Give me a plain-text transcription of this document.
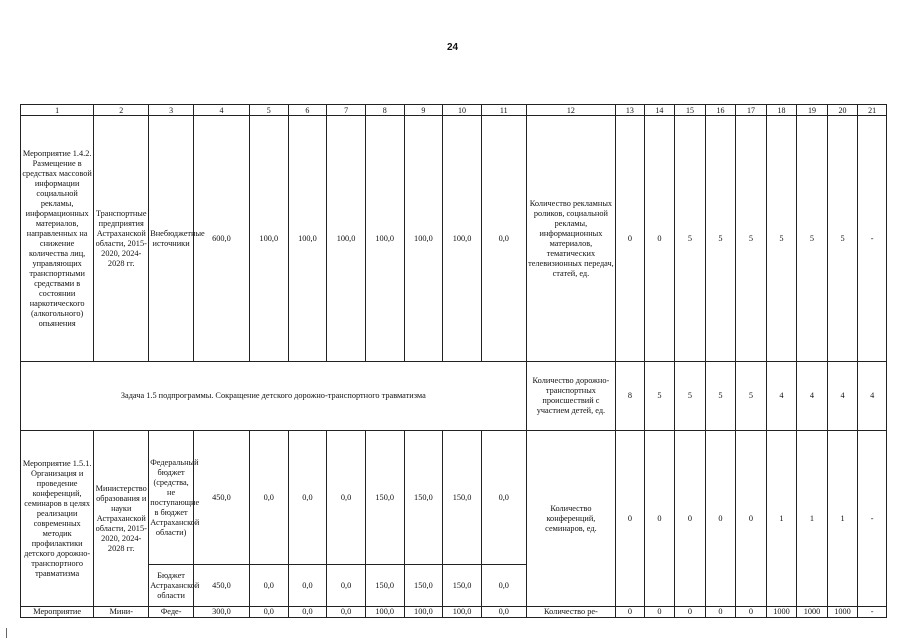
24
1	2	3	4	5	6	7	8	9	10	11	12	13	14	15	16	17	18	19	20	21
Мероприятие 1.4.2. Размещение в средствах массовой информации социальной рекламы, информационных материалов, направленных на снижение количества лиц, управляющих транспортными средствами в состоянии наркотического (алкогольного) опьянения	Транспортные предприятия Астраханской области, 2015-2020, 2024-2028 гг.	Внебюджетные источники	600,0	100,0	100,0	100,0	100,0	100,0	100,0	0,0	Количество рекламных роликов, социальной рекламы, информационных материалов, тематических телевизионных передач, статей, ед.	0	0	5	5	5	5	5	5	-
Задача 1.5 подпрограммы. Сокращение детского дорожно-транспортного травматизма											Количество дорожно-транспортных происшествий с участием детей, ед.	8	5	5	5	5	4	4	4	4
Мероприятие 1.5.1. Организация и проведение конференций, семинаров в целях реализации современных методик профилактики детского дорожно-транспортного травматизма	Министерство образования и науки Астраханской области, 2015-2020, 2024-2028 гг.	Федеральный бюджет (средства, не поступающие в бюджет Астраханской области)	450,0	0,0	0,0	0,0	150,0	150,0	150,0	0,0	Количество конференций, семинаров, ед.	0	0	0	0	0	1	1	1	-
		Бюджет Астраханской области	450,0	0,0	0,0	0,0	150,0	150,0	150,0	0,0										
Мероприятие	Мини-	Феде-	300,0	0,0	0,0	0,0	100,0	100,0	100,0	0,0	Количество ре-	0	0	0	0	0	1000	1000	1000	-
